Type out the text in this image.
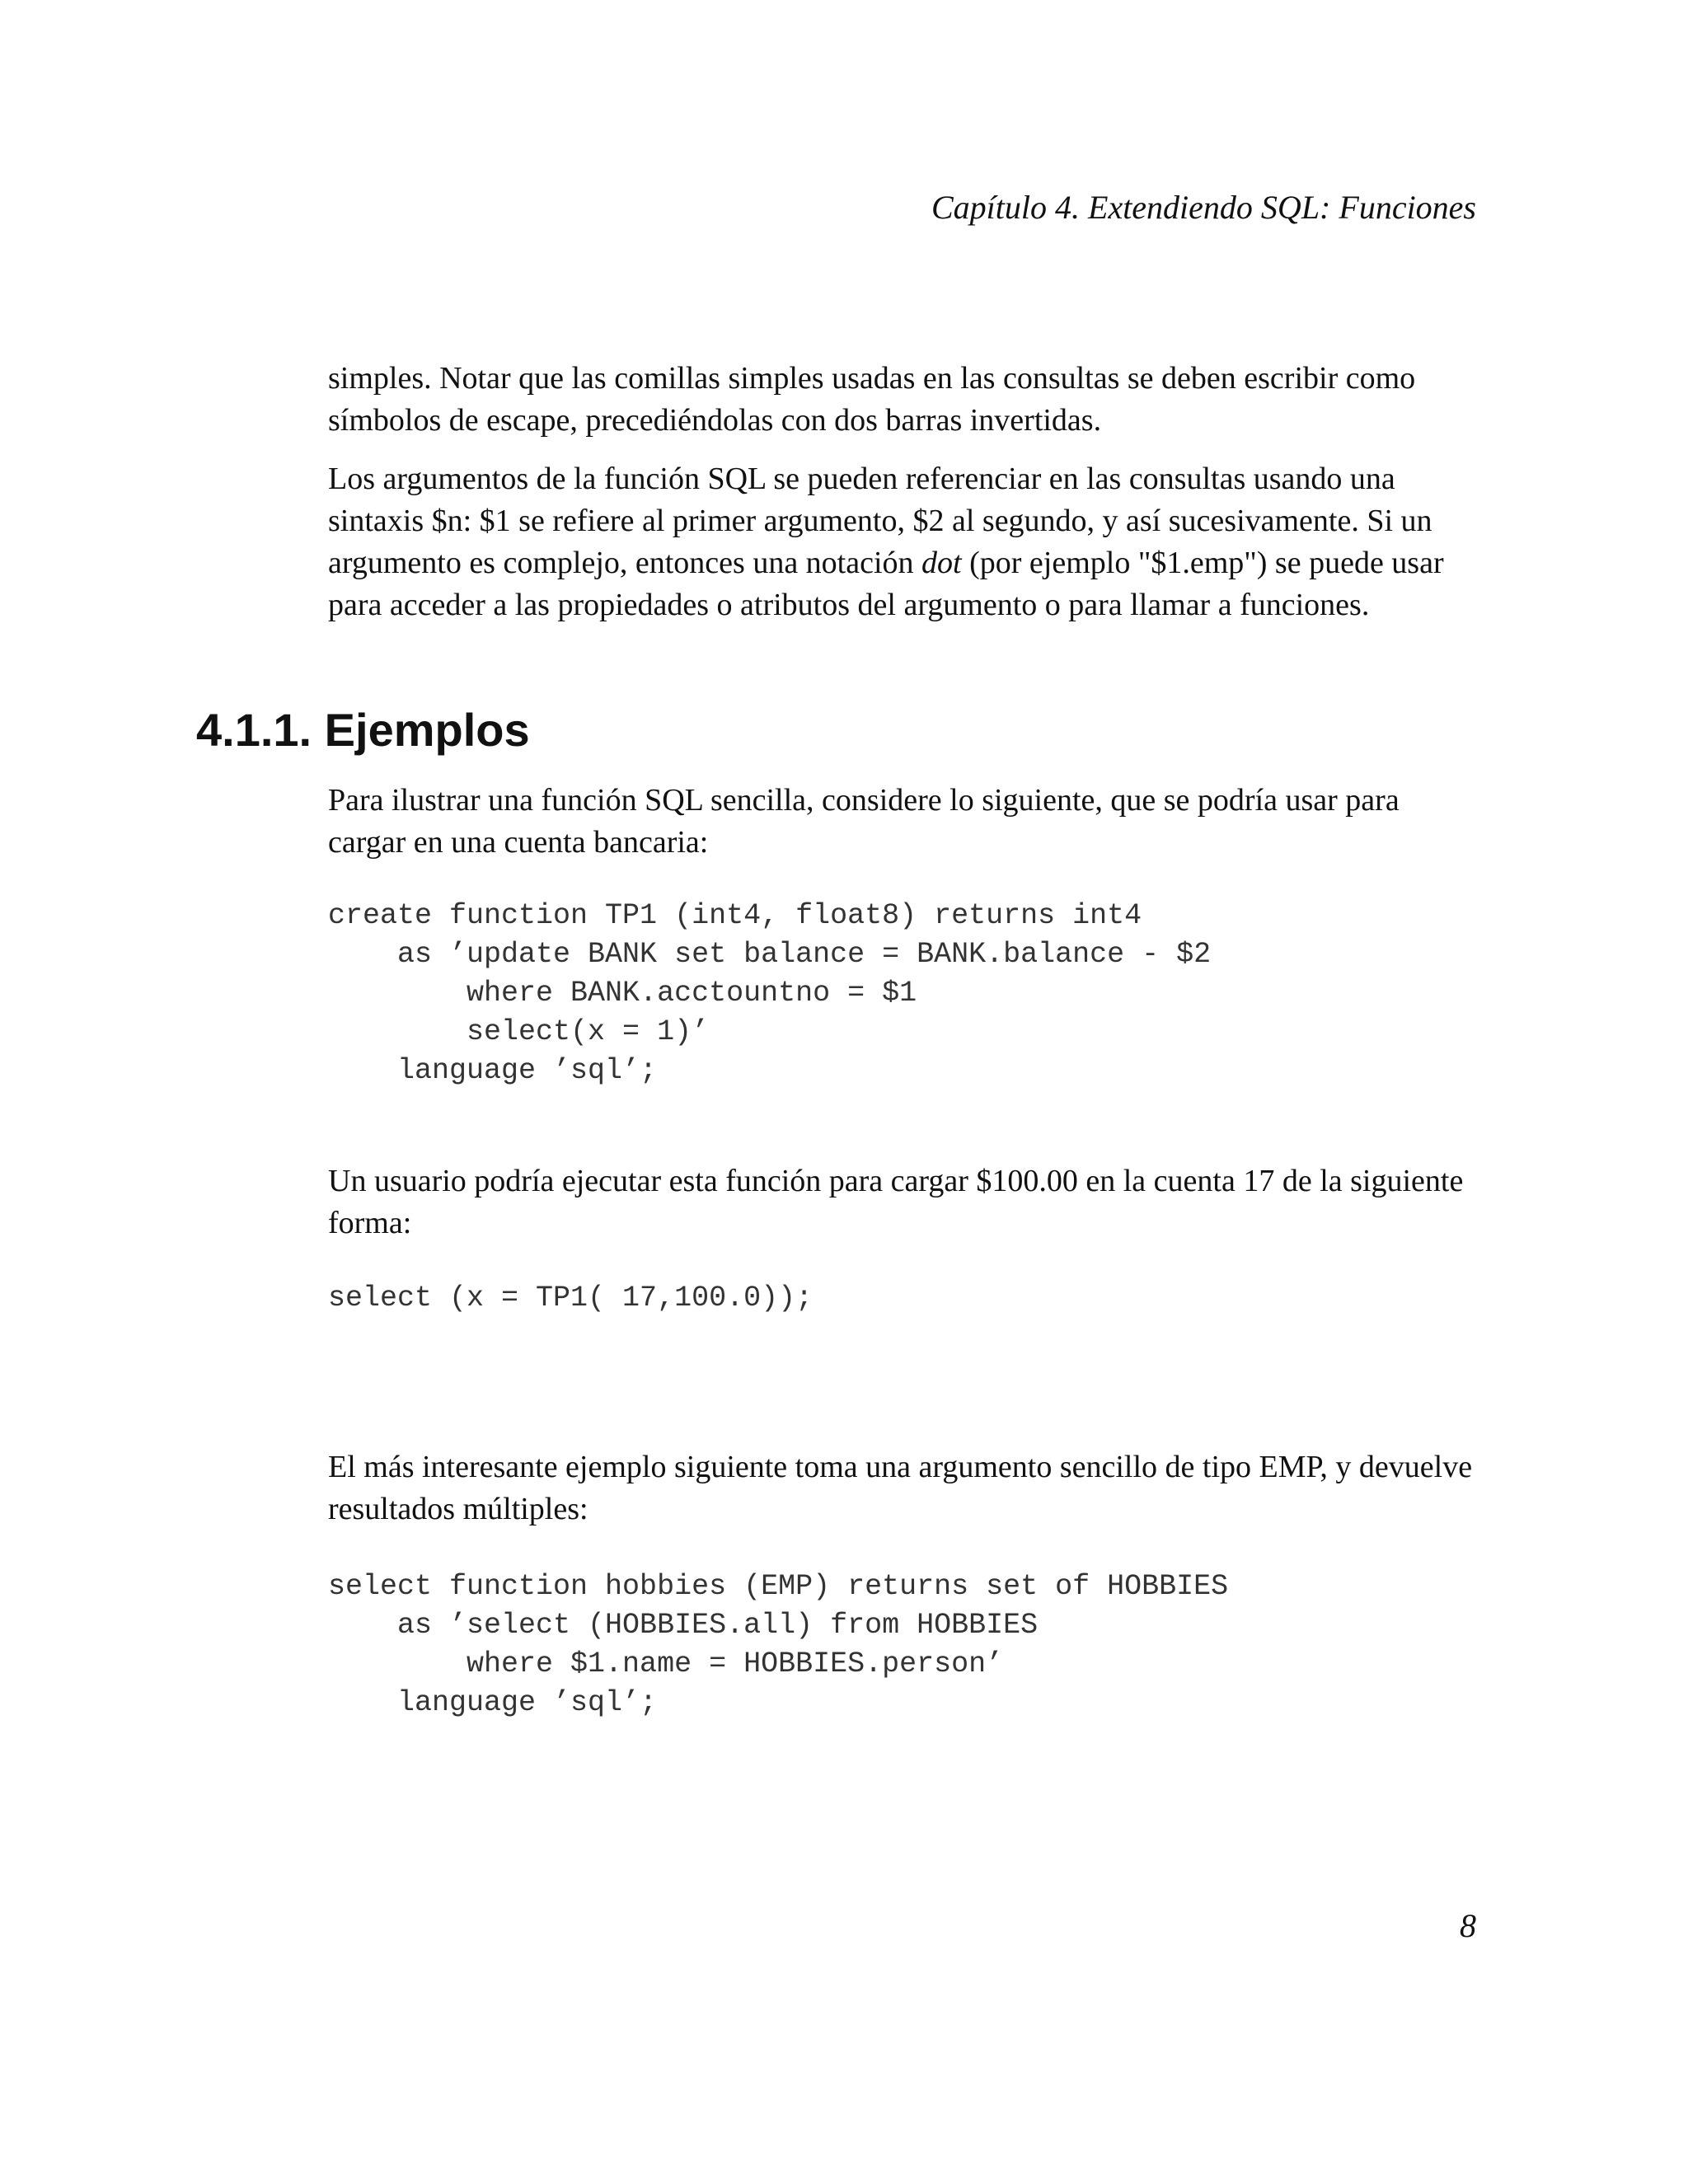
Capítulo 4. Extendiendo SQL: Funciones

simples. Notar que las comillas simples usadas en las consultas se deben escribir como símbolos de escape, precediéndolas con dos barras invertidas.

Los argumentos de la función SQL se pueden referenciar en las consultas usando una sintaxis $n: $1 se refiere al primer argumento, $2 al segundo, y así sucesivamente. Si un argumento es complejo, entonces una notación dot (por ejemplo "$1.emp") se puede usar para acceder a las propiedades o atributos del argumento o para llamar a funciones.

4.1.1. Ejemplos

Para ilustrar una función SQL sencilla, considere lo siguiente, que se podría usar para cargar en una cuenta bancaria:

create function TP1 (int4, float8) returns int4
as ’update BANK set balance = BANK.balance - $2
where BANK.acctountno = $1
select(x = 1)’
language ’sql’;

Un usuario podría ejecutar esta función para cargar $100.00 en la cuenta 17 de la siguiente forma:

select (x = TP1( 17,100.0));

El más interesante ejemplo siguiente toma una argumento sencillo de tipo EMP, y devuelve resultados múltiples:

select function hobbies (EMP) returns set of HOBBIES
as ’select (HOBBIES.all) from HOBBIES
where $1.name = HOBBIES.person’
language ’sql’;
8
